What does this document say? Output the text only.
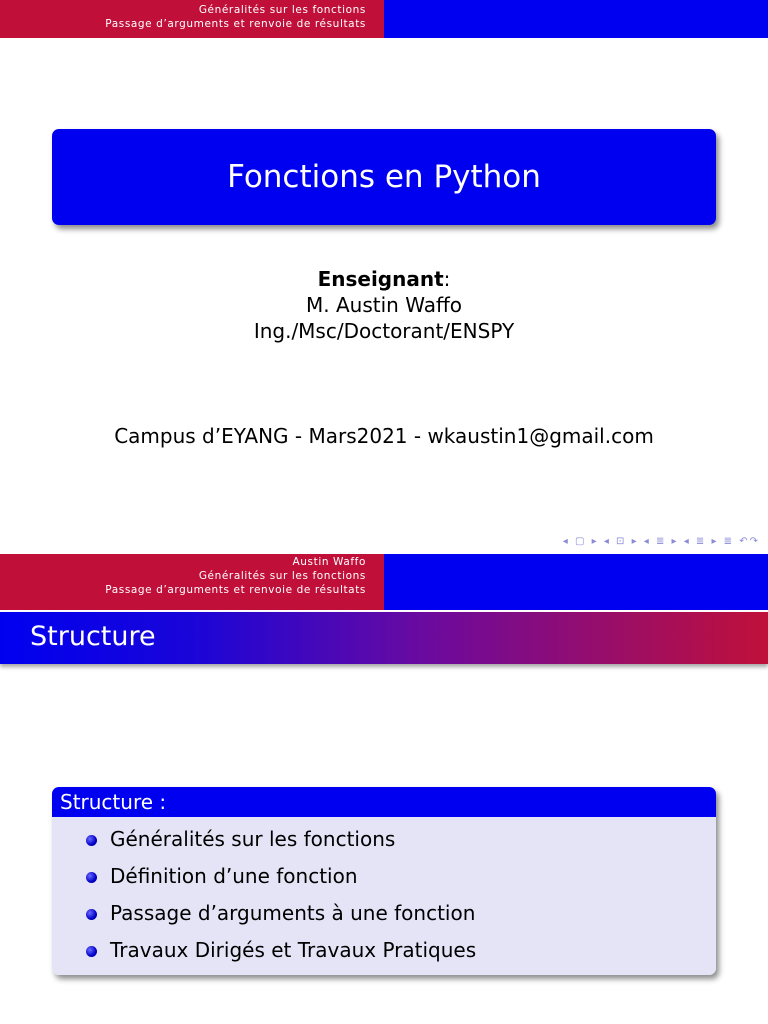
Généralités sur les fonctions
Passage d’arguments et renvoie de résultats
Fonctions en Python
Enseignant:
M. Austin Waffo
Ing./Msc/Doctorant/ENSPY
Campus d’EYANG - Mars2021 - wkaustin1@gmail.com
◂ ▢ ▸ ◂ ⊡ ▸ ◂ ≣ ▸ ◂ ≣ ▸ ≣ ↶↷
Austin Waffo
Généralités sur les fonctions
Passage d’arguments et renvoie de résultats
Structure
Structure :
Généralités sur les fonctions
Définition d’une fonction
Passage d’arguments à une fonction
Travaux Dirigés et Travaux Pratiques
